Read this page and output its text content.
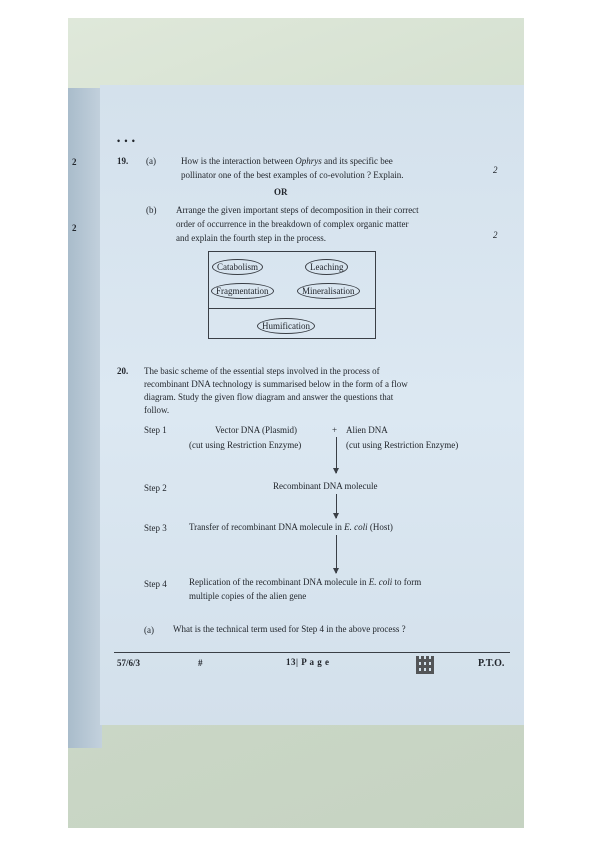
2
2
• • •
19. (a)	How is the interaction between Ophrys and its specific bee
pollinator one of the best examples of co-evolution ? Explain.	2
OR
(b) Arrange the given important steps of decomposition in their correct
order of occurrence in the breakdown of complex organic matter
and explain the fourth step in the process.	2
Catabolism	Leaching
Fragmentation	Mineralisation
Humification
20. The basic scheme of the essential steps involved in the process of
recombinant DNA technology is summarised below in the form of a flow
diagram. Study the given flow diagram and answer the questions that
follow.
Step 1	Vector DNA (Plasmid)	+ Alien DNA
(cut using Restriction Enzyme)	(cut using Restriction Enzyme)
Step 2	Recombinant DNA molecule
Step 3 Transfer of recombinant DNA molecule in E. coli (Host)
Step 4 Replication of the recombinant DNA molecule in E. coli to form
multiple copies of the alien gene
(a) What is the technical term used for Step 4 in the above process ?
57/6/3	#	13| P a g e	P.T.O.
